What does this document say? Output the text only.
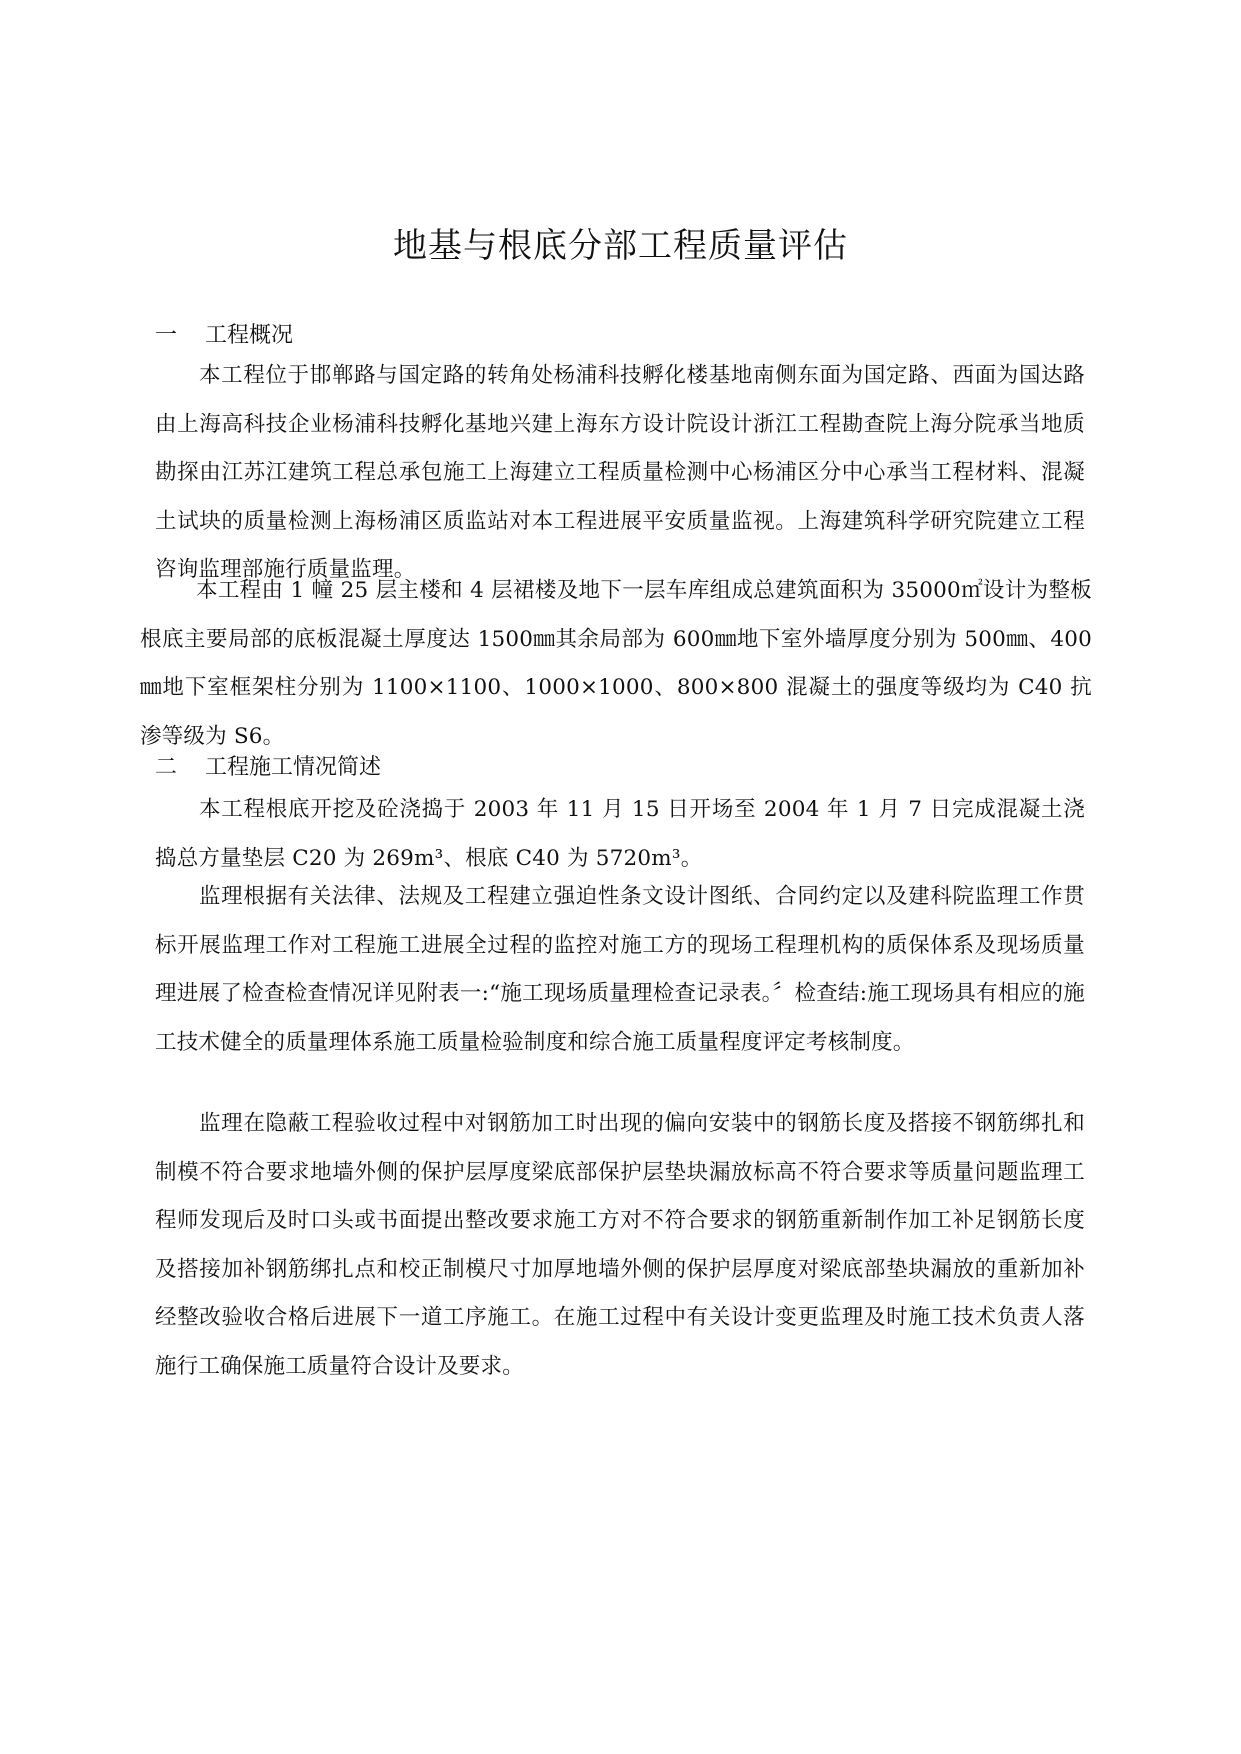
地基与根底分部工程质量评估
一 工程概况
本工程位于邯郸路与国定路的转角处杨浦科技孵化楼基地南侧东面为国定路、西面为国达路由上海高科技企业杨浦科技孵化基地兴建上海东方设计院设计浙江工程勘查院上海分院承当地质勘探由江苏江建筑工程总承包施工上海建立工程质量检测中心杨浦区分中心承当工程材料、混凝土试块的质量检测上海杨浦区质监站对本工程进展平安质量监视。上海建筑科学研究院建立工程咨询监理部施行质量监理。
本工程由 1 幢 25 层主楼和 4 层裙楼及地下一层车库组成总建筑面积为 35000㎡设计为整板根底主要局部的底板混凝土厚度达 1500㎜其余局部为 600㎜地下室外墙厚度分别为 500㎜、400㎜地下室框架柱分别为 1100×1100、1000×1000、800×800 混凝土的强度等级均为 C40 抗渗等级为 S6。
二 工程施工情况简述
本工程根底开挖及砼浇捣于 2003 年 11 月 15 日开场至 2004 年 1 月 7 日完成混凝土浇捣总方量垫层 C20 为 269m³、根底 C40 为 5720m³。
监理根据有关法律、法规及工程建立强迫性条文设计图纸、合同约定以及建科院监理工作贯标开展监理工作对工程施工进展全过程的监控对施工方的现场工程理机构的质保体系及现场质量理进展了检查检查情况详见附表一:“施工现场质量理检查记录表。〞检查结:施工现场具有相应的施工技术健全的质量理体系施工质量检验制度和综合施工质量程度评定考核制度。
监理在隐蔽工程验收过程中对钢筋加工时出现的偏向安装中的钢筋长度及搭接不钢筋绑扎和制模不符合要求地墙外侧的保护层厚度梁底部保护层垫块漏放标高不符合要求等质量问题监理工程师发现后及时口头或书面提出整改要求施工方对不符合要求的钢筋重新制作加工补足钢筋长度及搭接加补钢筋绑扎点和校正制模尺寸加厚地墙外侧的保护层厚度对梁底部垫块漏放的重新加补经整改验收合格后进展下一道工序施工。在施工过程中有关设计变更监理及时施工技术负责人落施行工确保施工质量符合设计及要求。
